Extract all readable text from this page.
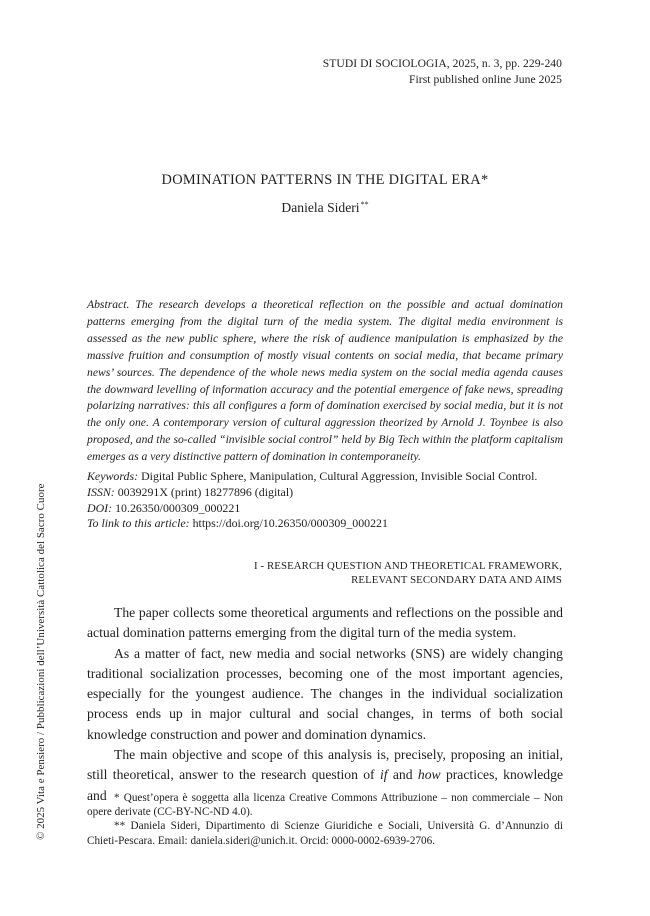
STUDI DI SOCIOLOGIA, 2025, n. 3, pp. 229-240
First published online June 2025
DOMINATION PATTERNS IN THE DIGITAL ERA*
Daniela Sideri**
Abstract. The research develops a theoretical reflection on the possible and actual domination patterns emerging from the digital turn of the media system. The digital media environment is assessed as the new public sphere, where the risk of audience manipulation is emphasized by the massive fruition and consumption of mostly visual contents on social media, that became primary news’ sources. The dependence of the whole news media system on the social media agenda causes the downward levelling of information accuracy and the potential emergence of fake news, spreading polarizing narratives: this all configures a form of domination exercised by social media, but it is not the only one. A contemporary version of cultural aggression theorized by Arnold J. Toynbee is also proposed, and the so-called “invisible social control” held by Big Tech within the platform capitalism emerges as a very distinctive pattern of domination in contemporaneity.
Keywords: Digital Public Sphere, Manipulation, Cultural Aggression, Invisible Social Control.
ISSN: 0039291X (print) 18277896 (digital)
DOI: 10.26350/000309_000221
To link to this article: https://doi.org/10.26350/000309_000221
I - RESEARCH QUESTION AND THEORETICAL FRAMEWORK,
RELEVANT SECONDARY DATA AND AIMS

The paper collects some theoretical arguments and reflections on the possible and actual domination patterns emerging from the digital turn of the media system.

As a matter of fact, new media and social networks (SNS) are widely changing traditional socialization processes, becoming one of the most important agencies, especially for the youngest audience. The changes in the individual socialization process ends up in major cultural and social changes, in terms of both social knowledge construction and power and domination dynamics.

The main objective and scope of this analysis is, precisely, proposing an initial, still theoretical, answer to the research question of if and how practices, knowledge and * Quest’opera è soggetta alla licenza Creative Commons Attribuzione – non commerciale – Non opere derivate (CC-BY-NC-ND 4.0).

** Daniela Sideri, Dipartimento di Scienze Giuridiche e Sociali, Università G. d’Annunzio di Chieti-Pescara. Email: daniela.sideri@unich.it. Orcid: 0000-0002-6939-2706.

© 2025 Vita e Pensiero / Pubblicazioni dell’Università Cattolica del Sacro Cuore
